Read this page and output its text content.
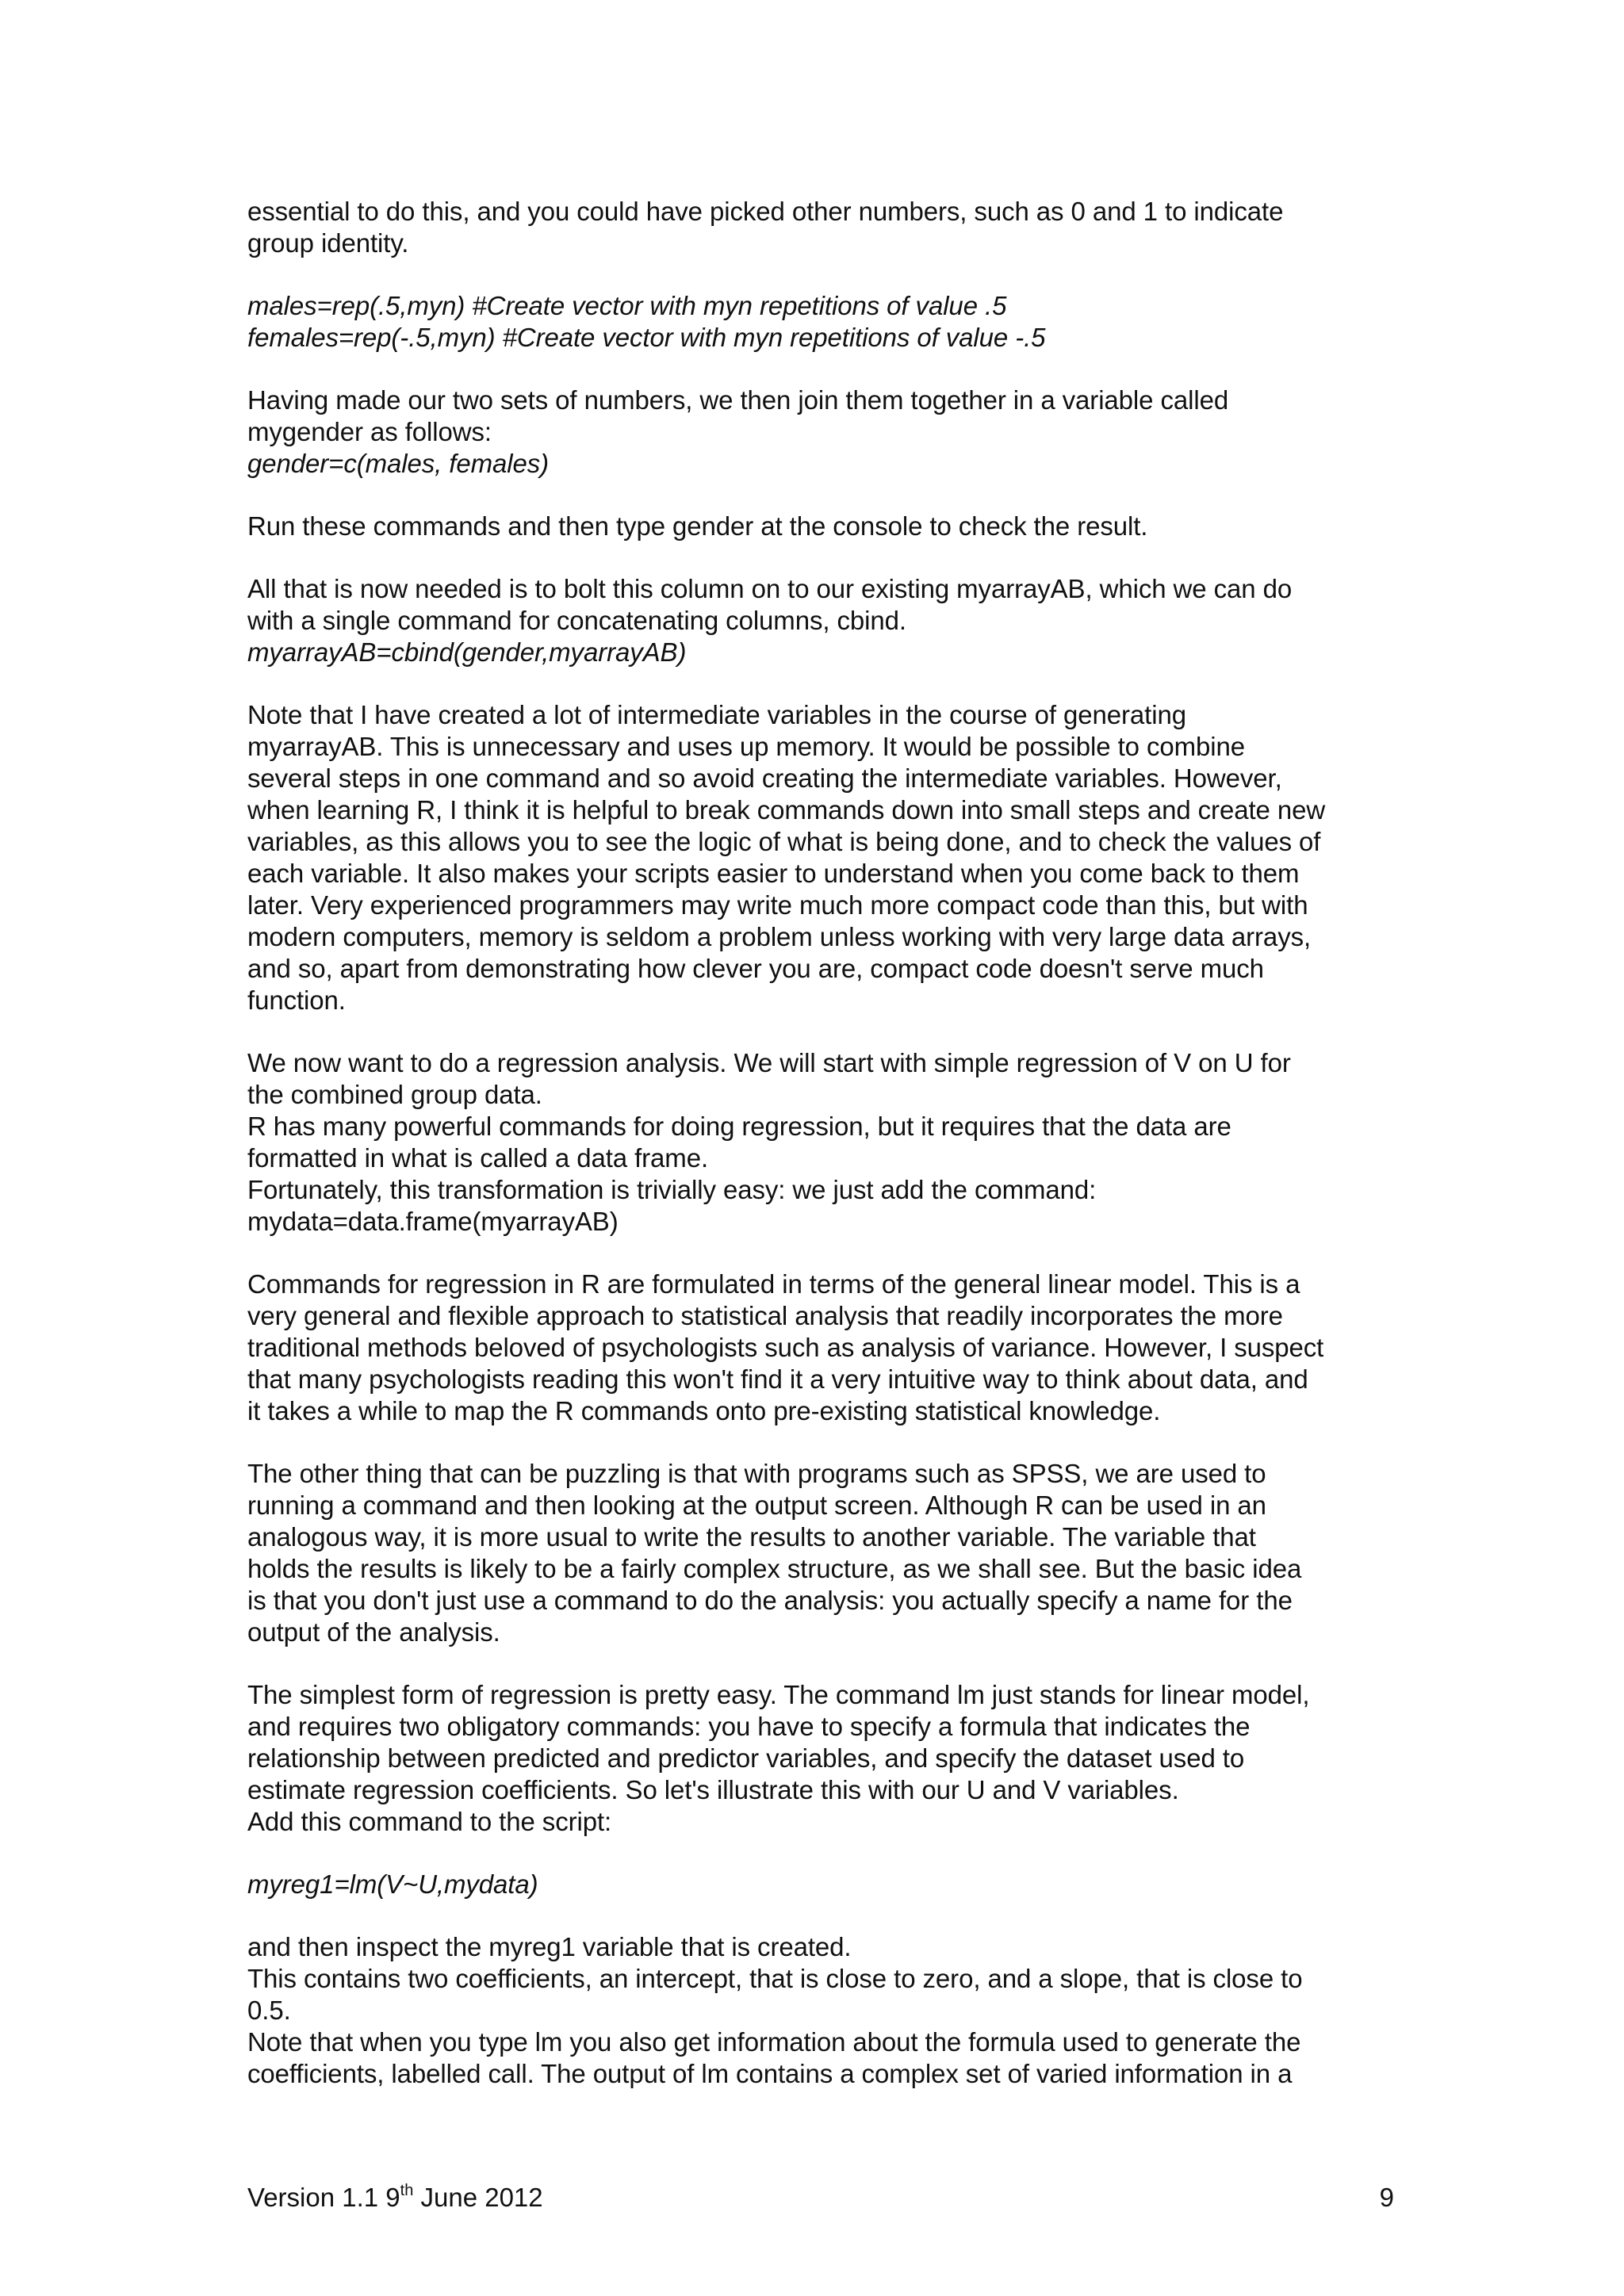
essential to do this, and you could have picked other numbers, such as 0 and 1 to indicate
group identity.
males=rep(.5,myn) #Create vector with myn repetitions of value .5
females=rep(-.5,myn) #Create vector with myn repetitions of value -.5
Having made our two sets of numbers, we then join them together in a variable called
mygender as follows:
gender=c(males, females)
Run these commands and then type gender at the console to check the result.
All that is now needed is to bolt this column on to our existing myarrayAB, which we can do
with a single command for concatenating columns, cbind.
myarrayAB=cbind(gender,myarrayAB)
Note that I have created a lot of intermediate variables in the course of generating
myarrayAB. This is unnecessary and uses up memory. It would be possible to combine
several steps in one command and so avoid creating the intermediate variables. However,
when learning R, I think it is helpful to break commands down into small steps and create new
variables, as this allows you to see the logic of what is being done, and to check the values of
each variable. It also makes your scripts easier to understand when you come back to them
later. Very experienced programmers may write much more compact code than this, but with
modern computers, memory is seldom a problem unless working with very large data arrays,
and so, apart from demonstrating how clever you are, compact code doesn't serve much
function.
We now want to do a regression analysis. We will start with simple regression of V on U for
the combined group data.
R has many powerful commands for doing regression, but it requires that the data are
formatted in what is called a data frame.
Fortunately, this transformation is trivially easy: we just add the command:
mydata=data.frame(myarrayAB)
Commands for regression in R are formulated in terms of the general linear model. This is a
very general and flexible approach to statistical analysis that readily incorporates the more
traditional methods beloved of psychologists such as analysis of variance. However, I suspect
that many psychologists reading this won't find it a very intuitive way to think about data, and
it takes a while to map the R commands onto pre-existing statistical knowledge.
The other thing that can be puzzling is that with programs such as SPSS, we are used to
running a command and then looking at the output screen. Although R can be used in an
analogous way, it is more usual to write the results to another variable. The variable that
holds the results is likely to be a fairly complex structure, as we shall see. But the basic idea
is that you don't just use a command to do the analysis: you actually specify a name for the
output of the analysis.
The simplest form of regression is pretty easy. The command lm just stands for linear model,
and requires two obligatory commands: you have to specify a formula that indicates the
relationship between predicted and predictor variables, and specify the dataset used to
estimate regression coefficients. So let's illustrate this with our U and V variables.
Add this command to the script:
myreg1=lm(V~U,mydata)
and then inspect the myreg1 variable that is created.
This contains two coefficients, an intercept, that is close to zero, and a slope, that is close to
0.5.
Note that when you type lm you also get information about the formula used to generate the
coefficients, labelled call. The output of lm contains a complex set of varied information in a
Version 1.1 9th June 2012	9
